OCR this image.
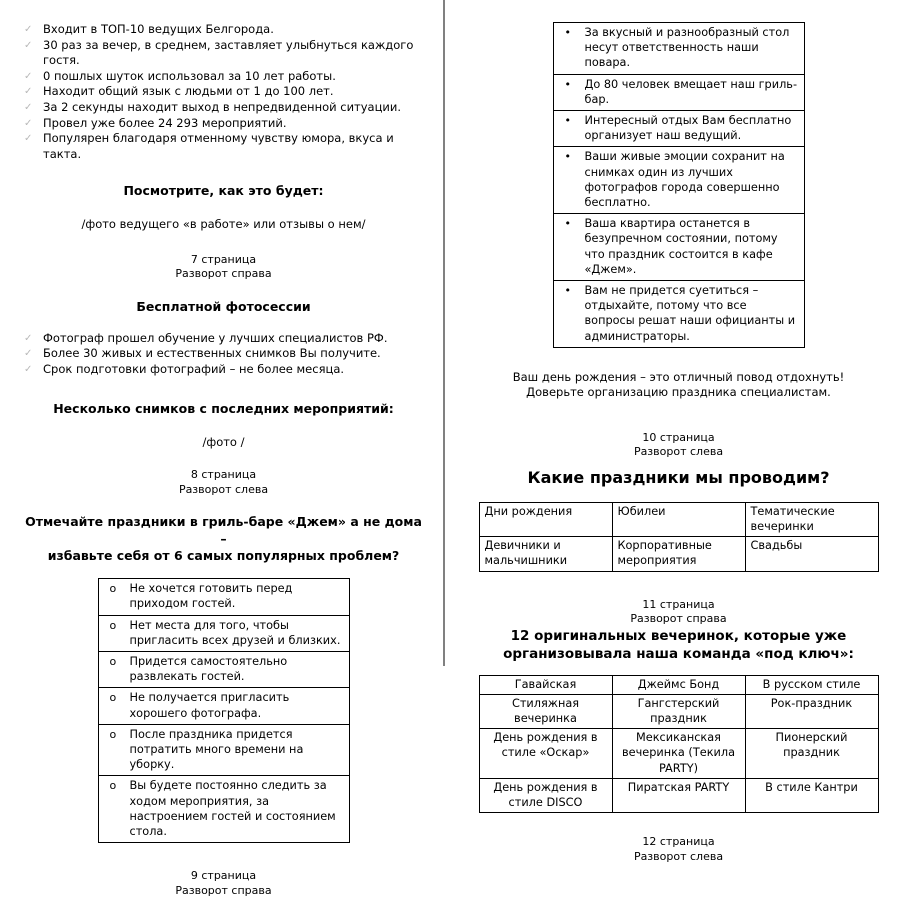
✓ Входит в ТОП-10 ведущих Белгорода.
✓ 30 раз за вечер, в среднем, заставляет улыбнуться каждого гостя.
✓ 0 пошлых шуток использовал за 10 лет работы.
✓ Находит общий язык с людьми от 1 до 100 лет.
✓ За 2 секунды находит выход в непредвиденной ситуации.
✓ Провел уже более 24 293 мероприятий.
✓ Популярен благодаря отменному чувству юмора, вкуса и такта.
Посмотрите, как это будет:
/фото ведущего «в работе» или отзывы о нем/
7 страница
Разворот справа
Бесплатной фотосессии
✓ Фотограф прошел обучение у лучших специалистов РФ.
✓ Более 30 живых и естественных снимков Вы получите.
✓ Срок подготовки фотографий – не более месяца.
Несколько снимков с последних мероприятий:
/фото /
8 страница
Разворот слева
Отмечайте праздники в гриль-баре «Джем» а не дома –
избавьте себя от 6 самых популярных проблем?
o Не хочется готовить перед приходом гостей.

o Нет места для того, чтобы пригласить всех друзей и близких.

o Придется самостоятельно развлекать гостей.

o Не получается пригласить хорошего фотографа.

o После праздника придется потратить много времени на уборку.

o Вы будете постоянно следить за ходом мероприятия, за настроением гостей и состоянием стола.
9 страница
Разворот справа
• За вкусный и разнообразный стол несут ответственность наши повара.

• До 80 человек вмещает наш гриль-бар.

• Интересный отдых Вам бесплатно организует наш ведущий.

• Ваши живые эмоции сохранит на снимках один из лучших фотографов города совершенно бесплатно.

• Ваша квартира останется в безупречном состоянии, потому что праздник состоится в кафе «Джем».

• Вам не придется суетиться – отдыхайте, потому что все вопросы решат наши официанты и администраторы.
Ваш день рождения – это отличный повод отдохнуть!
Доверьте организацию праздника специалистам.
10 страница
Разворот слева
Какие праздники мы проводим?
Дни рождения	Юбилеи	Тематические вечеринки
Девичники и мальчишники	Корпоративные мероприятия	Свадьбы
11 страница
Разворот справа
12 оригинальных вечеринок, которые уже
организовывала наша команда «под ключ»:
Гавайская	Джеймс Бонд	В русском стиле
Стиляжная вечеринка	Гангстерский праздник	Рок-праздник
День рождения в стиле «Оскар»	Мексиканская вечеринка (Текила PARTY)	Пионерский праздник
День рождения в стиле DISCO	Пиратская PARTY	В стиле Кантри
12 страница
Разворот слева
